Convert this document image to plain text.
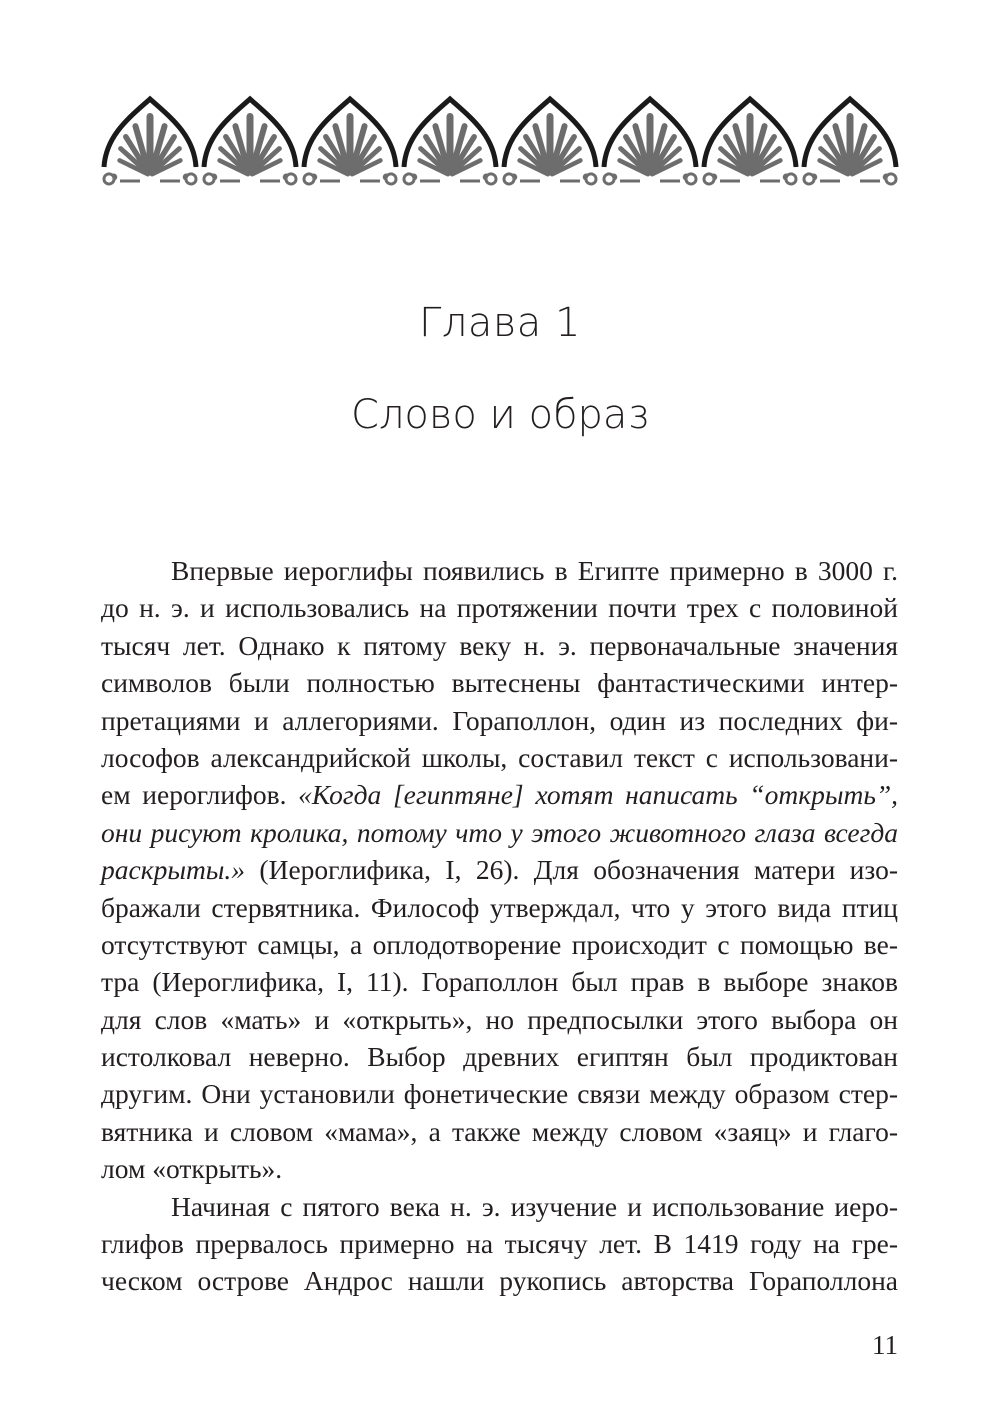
Глава 1
Слово и образ
Впервые иероглифы появились в Египте примерно в 3000 г.
до н. э. и использовались на протяжении почти трех с половиной
тысяч лет. Однако к пятому веку н. э. первоначальные значения
символов были полностью вытеснены фантастическими интер-
претациями и аллегориями. Гораполлон, один из последних фи-
лософов александрийской школы, составил текст с использовани-
ем иероглифов. «Когда [египтяне] хотят написать “открыть”,
они рисуют кролика, потому что у этого животного глаза всегда
раскрыты.» (Иероглифика, I, 26). Для обозначения матери изо-
бражали стервятника. Философ утверждал, что у этого вида птиц
отсутствуют самцы, а оплодотворение происходит с помощью ве-
тра (Иероглифика, I, 11). Гораполлон был прав в выборе знаков
для слов «мать» и «открыть», но предпосылки этого выбора он
истолковал неверно. Выбор древних египтян был продиктован
другим. Они установили фонетические связи между образом стер-
вятника и словом «мама», а также между словом «заяц» и глаго-
лом «открыть».
Начиная с пятого века н. э. изучение и использование иеро-
глифов прервалось примерно на тысячу лет. В 1419 году на гре-
ческом острове Андрос нашли рукопись авторства Гораполлона
11
